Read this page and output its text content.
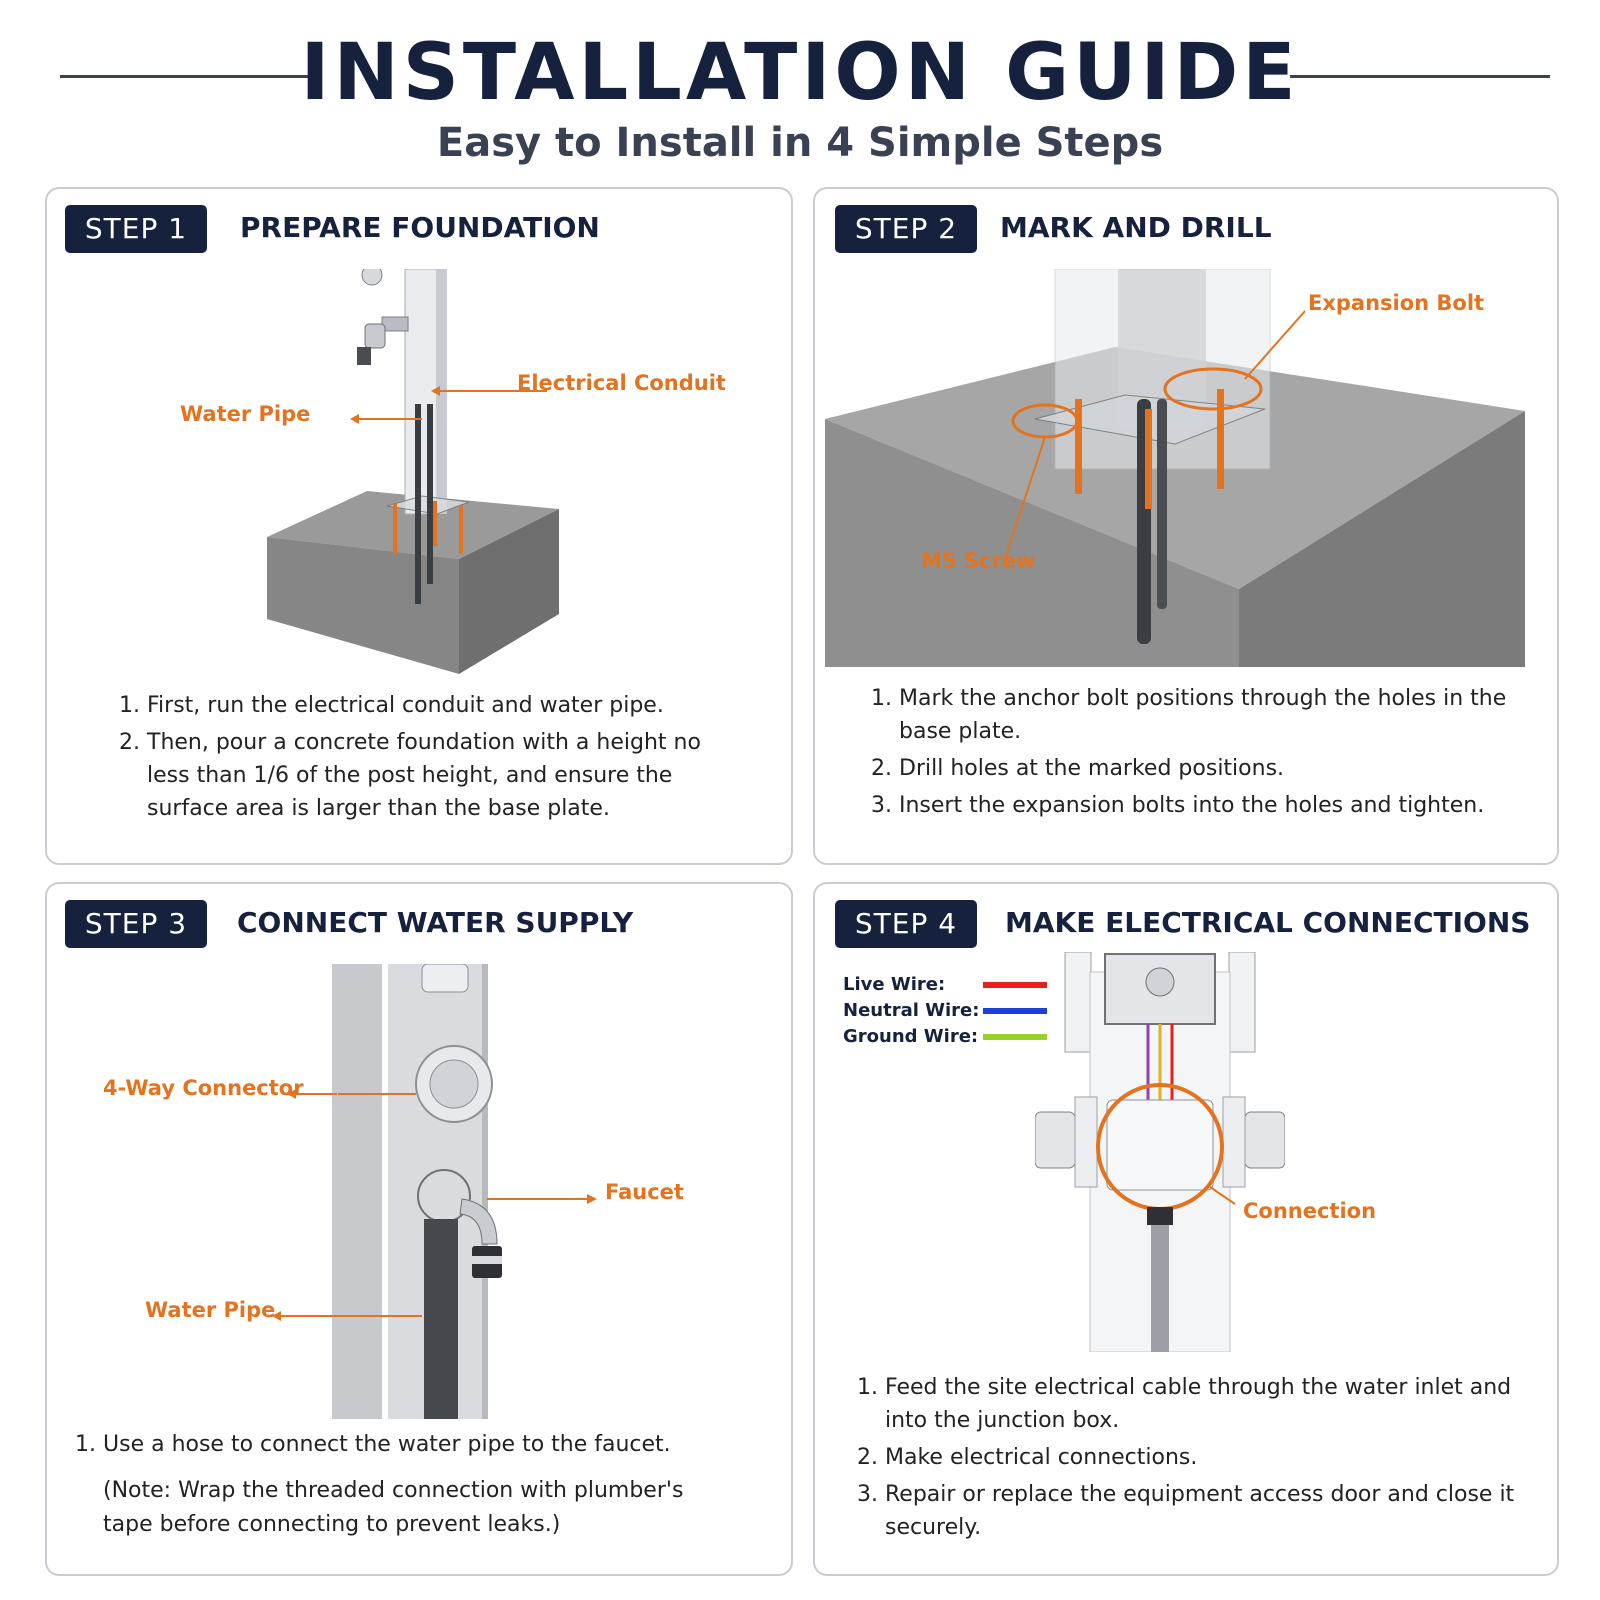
INSTALLATION GUIDE
Easy to Install in 4 Simple Steps
STEP 1	PREPARE FOUNDATION
Water Pipe
Electrical Conduit
1. First, run the electrical conduit and water pipe.
2. Then, pour a concrete foundation with a height no less than 1/6 of the post height, and ensure the surface area is larger than the base plate.
STEP 2	MARK AND DRILL
Expansion Bolt
M5 Screw
1. Mark the anchor bolt positions through the holes in the base plate.
2. Drill holes at the marked positions.
3. Insert the expansion bolts into the holes and tighten.
STEP 3	CONNECT WATER SUPPLY
4-Way Connector
Faucet
Water Pipe
1. Use a hose to connect the water pipe to the faucet.
(Note: Wrap the threaded connection with plumber's tape before connecting to prevent leaks.)
STEP 4	MAKE ELECTRICAL CONNECTIONS
Live Wire:
Neutral Wire:
Ground Wire:
Connection
1. Feed the site electrical cable through the water inlet and into the junction box.
2. Make electrical connections.
3. Repair or replace the equipment access door and close it securely.
